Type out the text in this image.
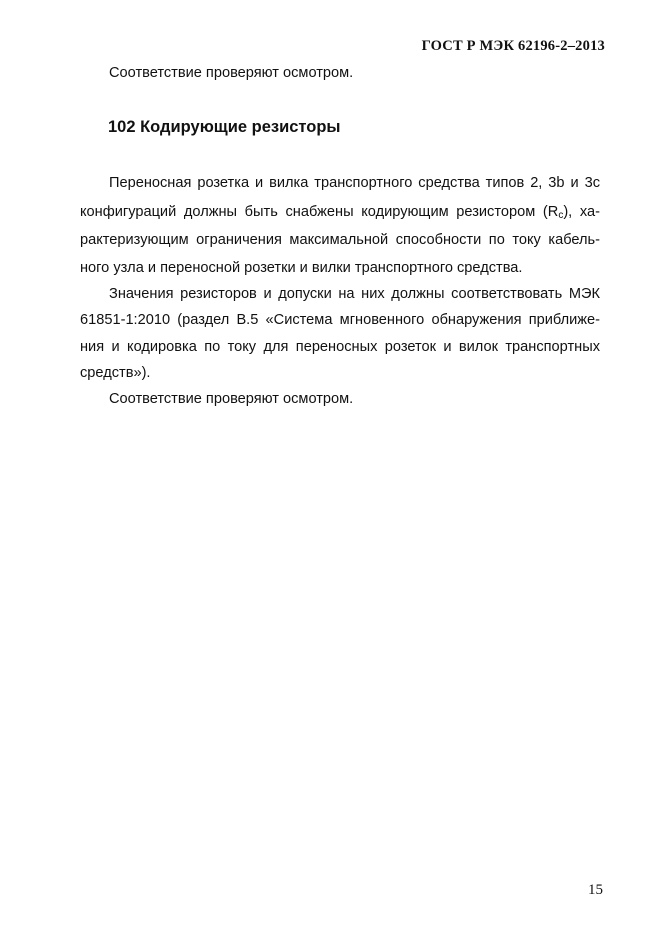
ГОСТ Р МЭК 62196-2–2013
Соответствие проверяют осмотром.
102 Кодирующие резисторы
Переносная розетка и вилка транспортного средства типов 2, 3b и 3с
конфигураций должны быть снабжены кодирующим резистором $(R_c)$, ха-
рактеризующим ограничения максимальной способности по току кабель-
ного узла и переносной розетки и вилки транспортного средства.
Значения резисторов и допуски на них должны соответствовать МЭК
61851-1:2010 (раздел В.5 «Система мгновенного обнаружения приближе-
ния и кодировка по току для переносных розеток и вилок транспортных
средств»).
Соответствие проверяют осмотром.
15
